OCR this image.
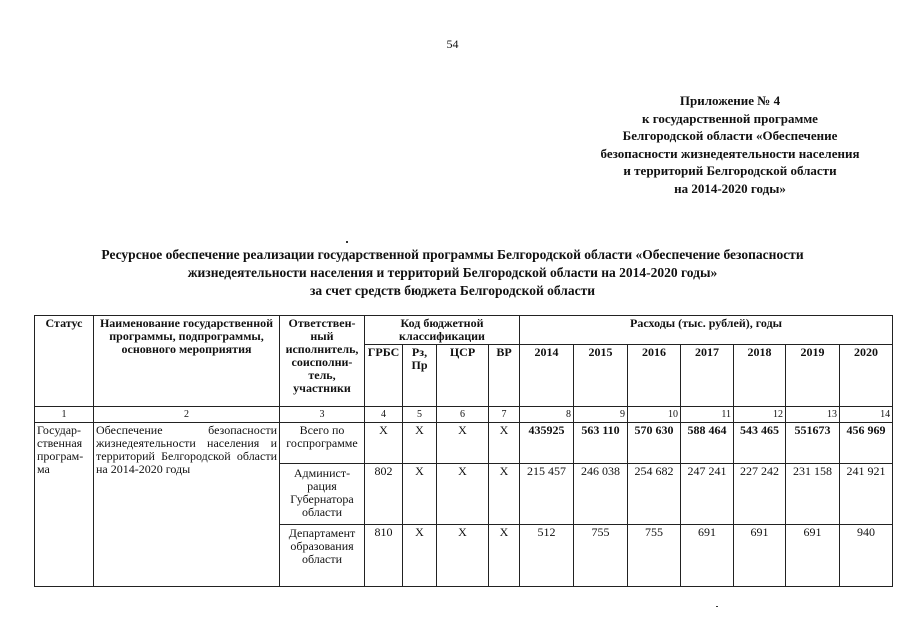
54
Приложение № 4
к государственной программе
Белгородской области «Обеспечение
безопасности жизнедеятельности населения
и территорий Белгородской области
на 2014-2020 годы»
Ресурсное обеспечение реализации государственной программы Белгородской области «Обеспечение безопасности
жизнедеятельности населения и территорий Белгородской области на 2014-2020 годы»
за счет средств бюджета Белгородской области
Статус	Наименование государственной программы, подпрограммы, основного мероприятия	Ответствен-ный исполнитель, соисполни-тель, участники	Код бюджетной классификации				Расходы (тыс. рублей), годы						
			ГРБС	Рз, Пр	ЦСР	ВР	2014	2015	2016	2017	2018	2019	2020
1	2	3	4	5	6	7	8	9	10	11	12	13	14
Государ-ственная програм-ма	Обеспечение безопасности жизнедеятельности населения и территорий Белгородской области на 2014-2020 годы	Всего по госпрограмме	Х	Х	Х	Х	435925	563 110	570 630	588 464	543 465	551673	456 969
		Админист-рация Губернатора области	802	Х	Х	Х	215 457	246 038	254 682	247 241	227 242	231 158	241 921
		Департамент образования области	810	Х	Х	Х	512	755	755	691	691	691	940
